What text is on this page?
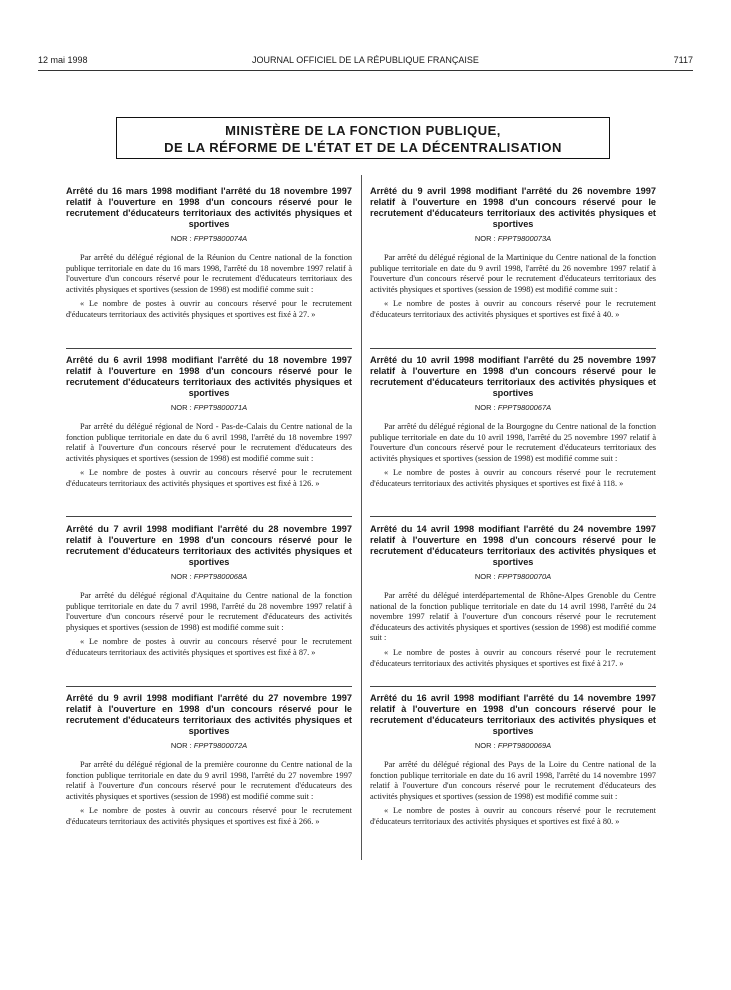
12 mai 1998	JOURNAL OFFICIEL DE LA RÉPUBLIQUE FRANÇAISE	7117
MINISTÈRE DE LA FONCTION PUBLIQUE,
DE LA RÉFORME DE L'ÉTAT ET DE LA DÉCENTRALISATION

Arrêté du 16 mars 1998 modifiant l'arrêté du 18 novembre 1997 relatif à l'ouverture en 1998 d'un concours réservé pour le recrutement d'éducateurs territoriaux des activités physiques et sportives

NOR : FPPT9800074A

Par arrêté du délégué régional de la Réunion du Centre national de la fonction publique territoriale en date du 16 mars 1998, l'arrêté du 18 novembre 1997 relatif à l'ouverture d'un concours réservé pour le recrutement d'éducateurs territoriaux des activités physiques et sportives (session de 1998) est modifié comme suit :

« Le nombre de postes à ouvrir au concours réservé pour le recrutement d'éducateurs territoriaux des activités physiques et sportives est fixé à 27. »

Arrêté du 6 avril 1998 modifiant l'arrêté du 18 novembre 1997 relatif à l'ouverture en 1998 d'un concours réservé pour le recrutement d'éducateurs territoriaux des activités physiques et sportives

NOR : FPPT9800071A

Par arrêté du délégué régional de Nord - Pas-de-Calais du Centre national de la fonction publique territoriale en date du 6 avril 1998, l'arrêté du 18 novembre 1997 relatif à l'ouverture d'un concours réservé pour le recrutement d'éducateurs des activités physiques et sportives (session de 1998) est modifié comme suit :

« Le nombre de postes à ouvrir au concours réservé pour le recrutement d'éducateurs territoriaux des activités physiques et sportives est fixé à 126. »

Arrêté du 7 avril 1998 modifiant l'arrêté du 28 novembre 1997 relatif à l'ouverture en 1998 d'un concours réservé pour le recrutement d'éducateurs territoriaux des activités physiques et sportives

NOR : FPPT9800068A

Par arrêté du délégué régional d'Aquitaine du Centre national de la fonction publique territoriale en date du 7 avril 1998, l'arrêté du 28 novembre 1997 relatif à l'ouverture d'un concours réservé pour le recrutement d'éducateurs des activités physiques et sportives (session de 1998) est modifié comme suit :

« Le nombre de postes à ouvrir au concours réservé pour le recrutement d'éducateurs territoriaux des activités physiques et sportives est fixé à 87. »

Arrêté du 9 avril 1998 modifiant l'arrêté du 27 novembre 1997 relatif à l'ouverture en 1998 d'un concours réservé pour le recrutement d'éducateurs territoriaux des activités physiques et sportives

NOR : FPPT9800072A

Par arrêté du délégué régional de la première couronne du Centre national de la fonction publique territoriale en date du 9 avril 1998, l'arrêté du 27 novembre 1997 relatif à l'ouverture d'un concours réservé pour le recrutement d'éducateurs des activités physiques et sportives (session de 1998) est modifié comme suit :

« Le nombre de postes à ouvrir au concours réservé pour le recrutement d'éducateurs territoriaux des activités physiques et sportives est fixé à 266. »

Arrêté du 9 avril 1998 modifiant l'arrêté du 26 novembre 1997 relatif à l'ouverture en 1998 d'un concours réservé pour le recrutement d'éducateurs territoriaux des activités physiques et sportives

NOR : FPPT9800073A

Par arrêté du délégué régional de la Martinique du Centre national de la fonction publique territoriale en date du 9 avril 1998, l'arrêté du 26 novembre 1997 relatif à l'ouverture d'un concours réservé pour le recrutement d'éducateurs territoriaux des activités physiques et sportives (session de 1998) est modifié comme suit :

« Le nombre de postes à ouvrir au concours réservé pour le recrutement d'éducateurs territoriaux des activités physiques et sportives est fixé à 40. »

Arrêté du 10 avril 1998 modifiant l'arrêté du 25 novembre 1997 relatif à l'ouverture en 1998 d'un concours réservé pour le recrutement d'éducateurs territoriaux des activités physiques et sportives

NOR : FPPT9800067A

Par arrêté du délégué régional de la Bourgogne du Centre national de la fonction publique territoriale en date du 10 avril 1998, l'arrêté du 25 novembre 1997 relatif à l'ouverture d'un concours réservé pour le recrutement d'éducateurs territoriaux des activités physiques et sportives (session de 1998) est modifié comme suit :

« Le nombre de postes à ouvrir au concours réservé pour le recrutement d'éducateurs territoriaux des activités physiques et sportives est fixé à 118. »

Arrêté du 14 avril 1998 modifiant l'arrêté du 24 novembre 1997 relatif à l'ouverture en 1998 d'un concours réservé pour le recrutement d'éducateurs territoriaux des activités physiques et sportives

NOR : FPPT9800070A

Par arrêté du délégué interdépartemental de Rhône-Alpes Grenoble du Centre national de la fonction publique territoriale en date du 14 avril 1998, l'arrêté du 24 novembre 1997 relatif à l'ouverture d'un concours réservé pour le recrutement d'éducateurs des activités physiques et sportives (session de 1998) est modifié comme suit :

« Le nombre de postes à ouvrir au concours réservé pour le recrutement d'éducateurs territoriaux des activités physiques et sportives est fixé à 217. »

Arrêté du 16 avril 1998 modifiant l'arrêté du 14 novembre 1997 relatif à l'ouverture en 1998 d'un concours réservé pour le recrutement d'éducateurs territoriaux des activités physiques et sportives

NOR : FPPT9800069A

Par arrêté du délégué régional des Pays de la Loire du Centre national de la fonction publique territoriale en date du 16 avril 1998, l'arrêté du 14 novembre 1997 relatif à l'ouverture d'un concours réservé pour le recrutement d'éducateurs des activités physiques et sportives (session de 1998) est modifié comme suit :

« Le nombre de postes à ouvrir au concours réservé pour le recrutement d'éducateurs territoriaux des activités physiques et sportives est fixé à 80. »
